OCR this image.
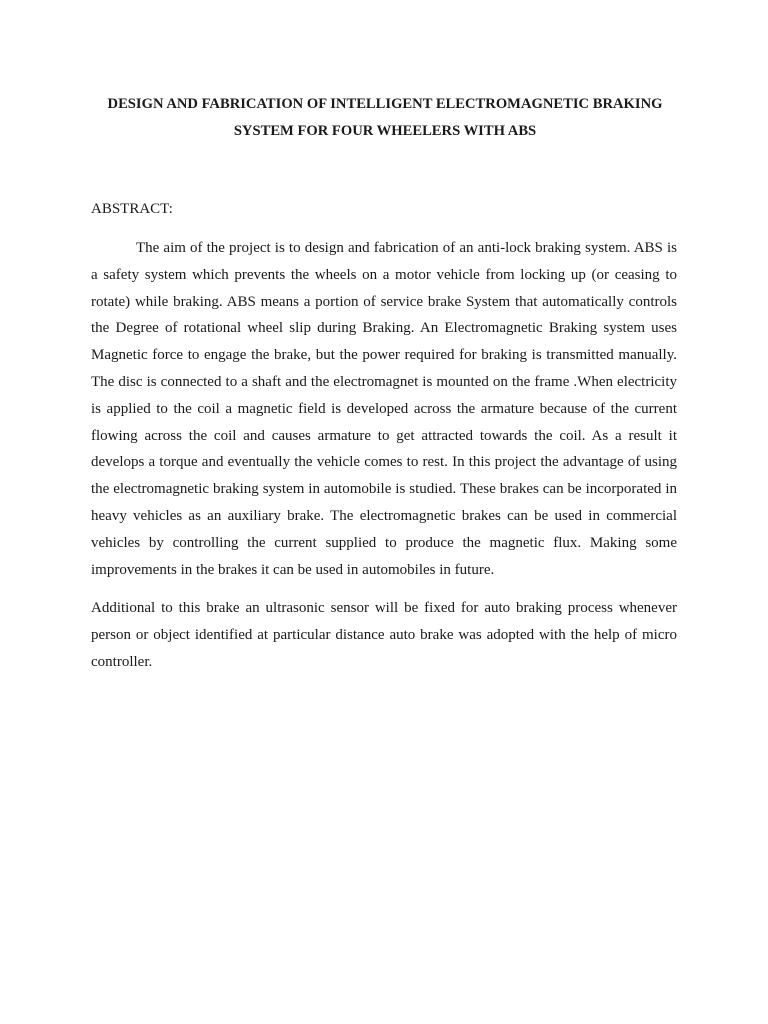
DESIGN AND FABRICATION OF INTELLIGENT ELECTROMAGNETIC BRAKING
SYSTEM FOR FOUR WHEELERS WITH ABS
ABSTRACT:

The aim of the project is to design and fabrication of an anti-lock braking system. ABS is a safety system which prevents the wheels on a motor vehicle from locking up (or ceasing to rotate) while braking. ABS means a portion of service brake System that automatically controls the Degree of rotational wheel slip during Braking. An Electromagnetic Braking system uses Magnetic force to engage the brake, but the power required for braking is transmitted manually. The disc is connected to a shaft and the electromagnet is mounted on the frame .When electricity is applied to the coil a magnetic field is developed across the armature because of the current flowing across the coil and causes armature to get attracted towards the coil. As a result it develops a torque and eventually the vehicle comes to rest. In this project the advantage of using the electromagnetic braking system in automobile is studied. These brakes can be incorporated in heavy vehicles as an auxiliary brake. The electromagnetic brakes can be used in commercial vehicles by controlling the current supplied to produce the magnetic flux. Making some improvements in the brakes it can be used in automobiles in future.

Additional to this brake an ultrasonic sensor will be fixed for auto braking process whenever person or object identified at particular distance auto brake was adopted with the help of micro controller.
